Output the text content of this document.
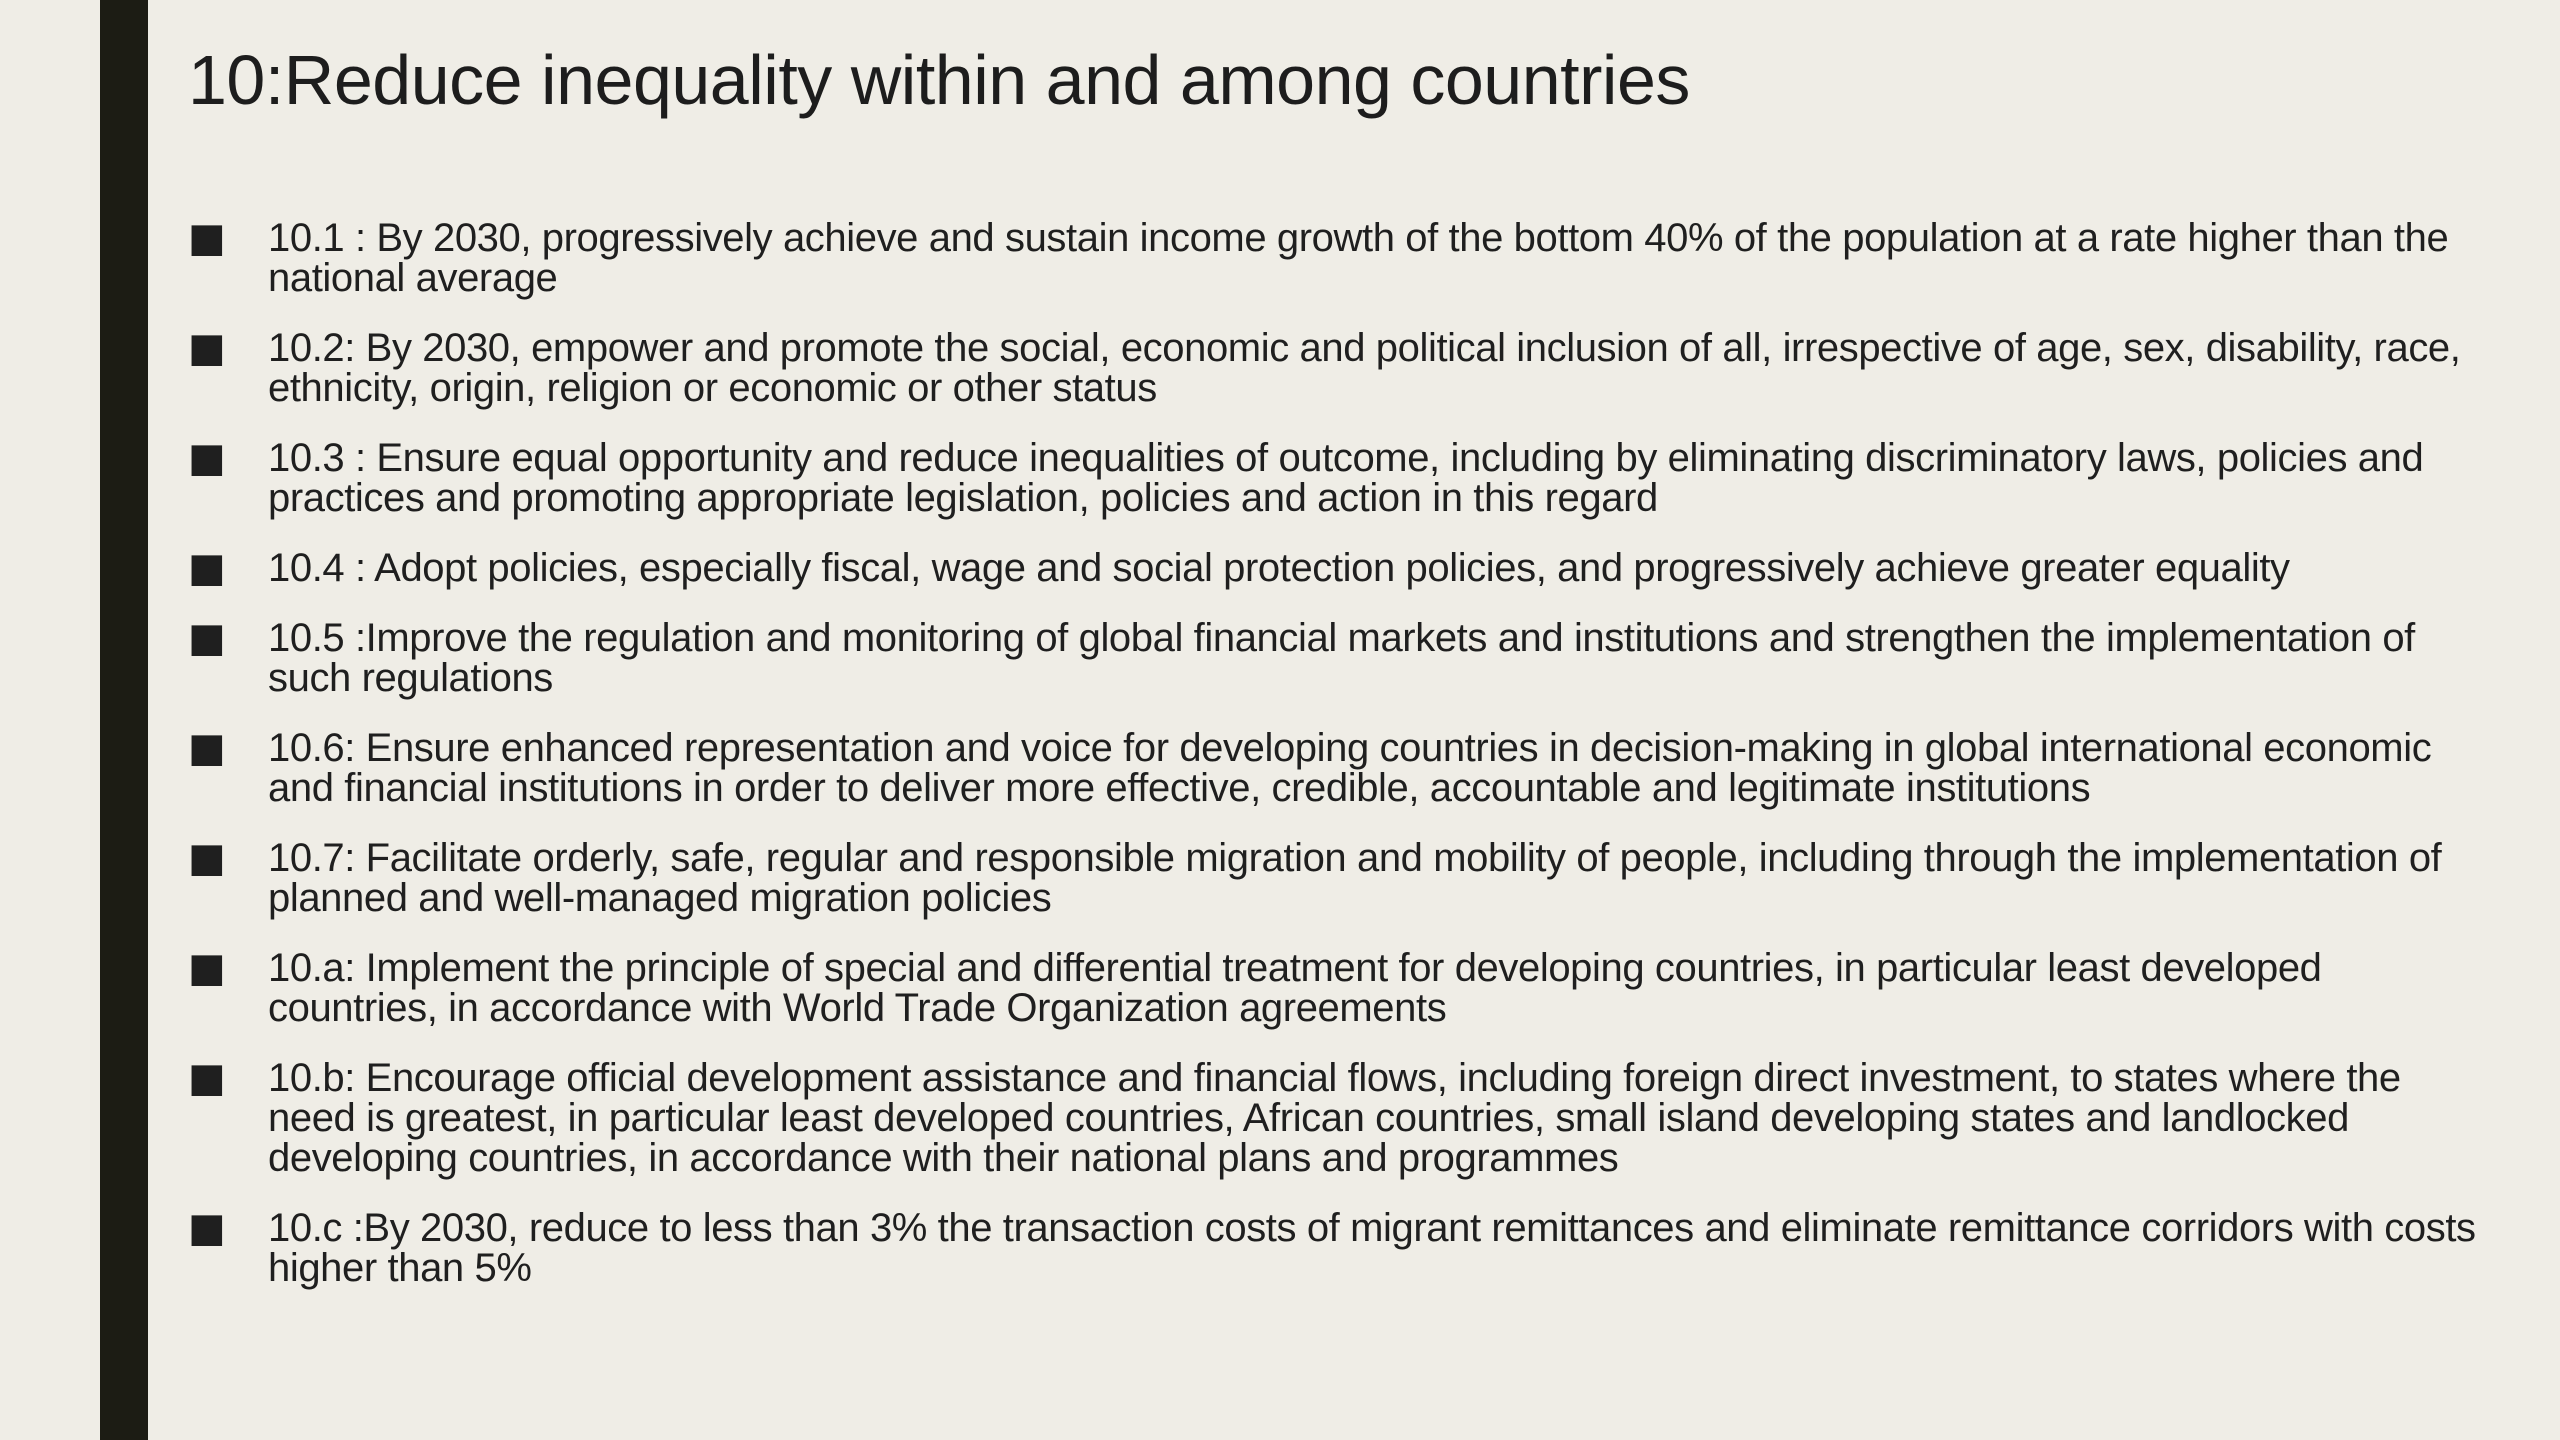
10:Reduce inequality within and among countries
■	10.1 : By 2030, progressively achieve and sustain income growth of the bottom 40% of the population at a rate higher than the national average
■	10.2: By 2030, empower and promote the social, economic and political inclusion of all, irrespective of age, sex, disability, race, ethnicity, origin, religion or economic or other status
■	10.3 : Ensure equal opportunity and reduce inequalities of outcome, including by eliminating discriminatory laws, policies and practices and promoting appropriate legislation, policies and action in this regard
■	10.4 : Adopt policies, especially fiscal, wage and social protection policies, and progressively achieve greater equality
■	10.5 :Improve the regulation and monitoring of global financial markets and institutions and strengthen the implementation of such regulations
■	10.6: Ensure enhanced representation and voice for developing countries in decision-making in global international economic and financial institutions in order to deliver more effective, credible, accountable and legitimate institutions
■	10.7: Facilitate orderly, safe, regular and responsible migration and mobility of people, including through the implementation of planned and well-managed migration policies
■	10.a: Implement the principle of special and differential treatment for developing countries, in particular least developed countries, in accordance with World Trade Organization agreements
■	10.b: Encourage official development assistance and financial flows, including foreign direct investment, to states where the need is greatest, in particular least developed countries, African countries, small island developing states and landlocked developing countries, in accordance with their national plans and programmes
■	10.c :By 2030, reduce to less than 3% the transaction costs of migrant remittances and eliminate remittance corridors with costs higher than 5%
